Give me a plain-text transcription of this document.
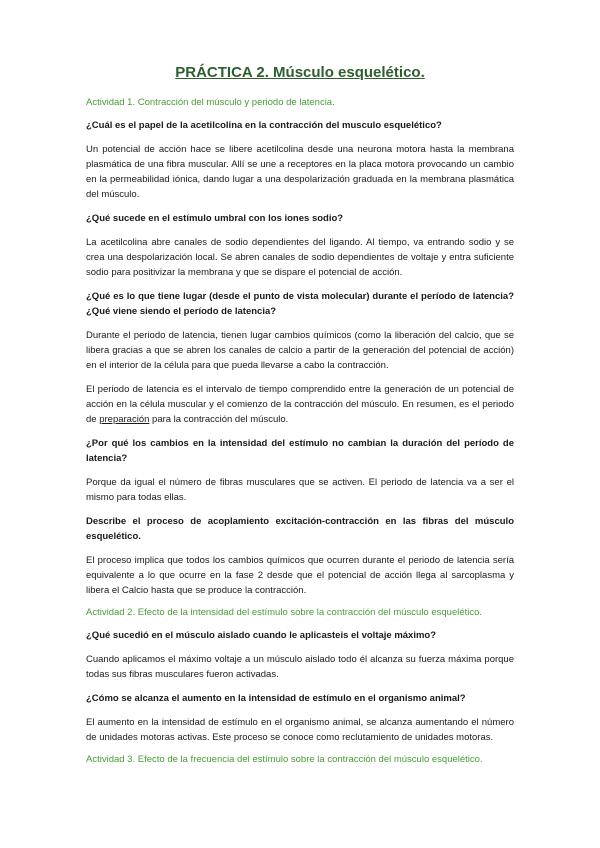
PRÁCTICA 2. Músculo esquelético.
Actividad 1. Contracción del músculo y periodo de latencia.
¿Cuál es el papel de la acetilcolina en la contracción del musculo esquelético?
Un potencial de acción hace se libere acetilcolina desde una neurona motora hasta la membrana plasmática de una fibra muscular. Allí se une a receptores en la placa motora provocando un cambio en la permeabilidad iónica, dando lugar a una despolarización graduada en la membrana plasmática del músculo.
¿Qué sucede en el estímulo umbral con los iones sodio?
La acetilcolina abre canales de sodio dependientes del ligando. Al tiempo, va entrando sodio y se crea una despolarización local. Se abren canales de sodio dependientes de voltaje y entra suficiente sodio para positivizar la membrana y que se dispare el potencial de acción.
¿Qué es lo que tiene lugar (desde el punto de vista molecular) durante el período de latencia? ¿Qué viene siendo el período de latencia?
Durante el periodo de latencia, tienen lugar cambios químicos (como la liberación del calcio, que se libera gracias a que se abren los canales de calcio a partir de la generación del potencial de acción) en el interior de la célula para que pueda llevarse a cabo la contracción.
El periodo de latencia es el intervalo de tiempo comprendido entre la generación de un potencial de acción en la célula muscular y el comienzo de la contracción del músculo. En resumen, es el periodo de preparación para la contracción del músculo.
¿Por qué los cambios en la intensidad del estímulo no cambian la duración del período de latencia?
Porque da igual el número de fibras musculares que se activen. El periodo de latencia va a ser el mismo para todas ellas.
Describe el proceso de acoplamiento excitación-contracción en las fibras del músculo esquelético.
El proceso implica que todos los cambios químicos que ocurren durante el periodo de latencia sería equivalente a lo que ocurre en la fase 2 desde que el potencial de acción llega al sarcoplasma y libera el Calcio hasta que se produce la contracción.
Actividad 2. Efecto de la intensidad del estímulo sobre la contracción del músculo esquelético.
¿Qué sucedió en el músculo aislado cuando le aplicasteis el voltaje máximo?
Cuando aplicamos el máximo voltaje a un músculo aislado todo él alcanza su fuerza máxima porque todas sus fibras musculares fueron activadas.
¿Cómo se alcanza el aumento en la intensidad de estímulo en el organismo animal?
El aumento en la intensidad de estímulo en el organismo animal, se alcanza aumentando el número de unidades motoras activas. Este proceso se conoce como reclutamiento de unidades motoras.
Actividad 3. Efecto de la frecuencia del estímulo sobre la contracción del músculo esquelético.
